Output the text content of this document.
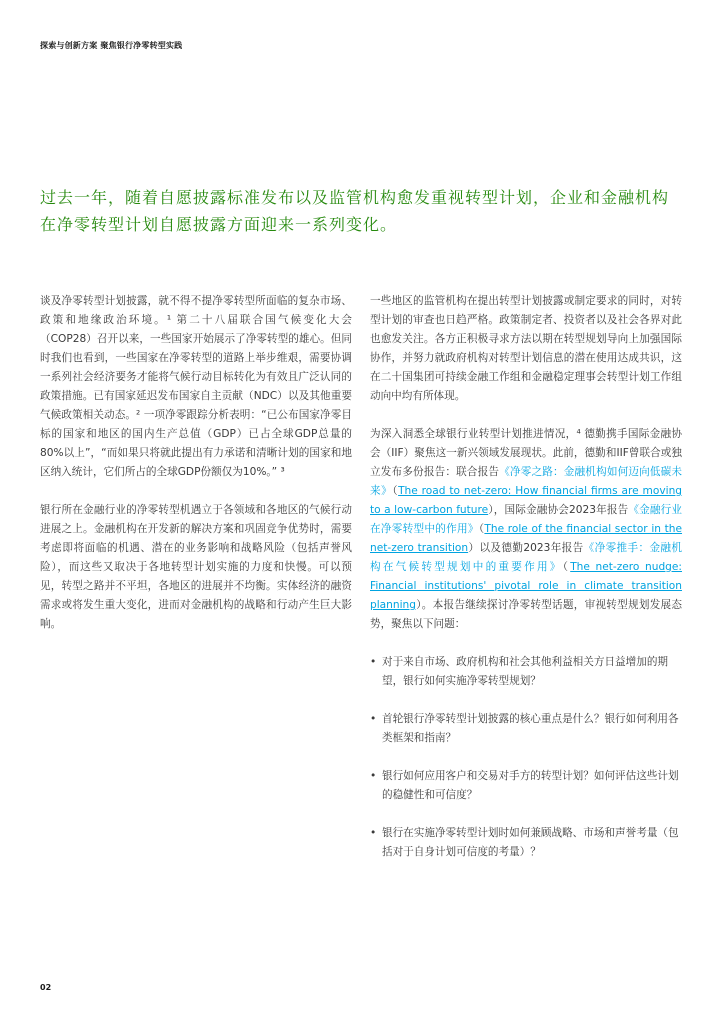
探索与创新方案 聚焦银行净零转型实践
过去一年，随着自愿披露标准发布以及监管机构愈发重视转型计划，企业和金融机构在净零转型计划自愿披露方面迎来一系列变化。

谈及净零转型计划披露，就不得不提净零转型所面临的复杂市场、政策和地缘政治环境。¹ 第二十八届联合国气候变化大会（COP28）召开以来，一些国家开始展示了净零转型的雄心。但同时我们也看到，一些国家在净零转型的道路上举步维艰，需要协调一系列社会经济要务才能将气候行动目标转化为有效且广泛认同的政策措施。已有国家延迟发布国家自主贡献（NDC）以及其他重要气候政策相关动态。² 一项净零跟踪分析表明：“已公布国家净零目标的国家和地区的国内生产总值（GDP）已占全球GDP总量的80%以上”，“而如果只将就此提出有力承诺和清晰计划的国家和地区纳入统计，它们所占的全球GDP份额仅为10%。” ³

银行所在金融行业的净零转型机遇立于各领域和各地区的气候行动进展之上。金融机构在开发新的解决方案和巩固竞争优势时，需要考虑即将面临的机遇、潜在的业务影响和战略风险（包括声誉风险），而这些又取决于各地转型计划实施的力度和快慢。可以预见，转型之路并不平坦，各地区的进展并不均衡。实体经济的融资需求或将发生重大变化，进而对金融机构的战略和行动产生巨大影响。

一些地区的监管机构在提出转型计划披露或制定要求的同时，对转型计划的审查也日趋严格。政策制定者、投资者以及社会各界对此也愈发关注。各方正积极寻求方法以期在转型规划导向上加强国际协作，并努力就政府机构对转型计划信息的潜在使用达成共识，这在二十国集团可持续金融工作组和金融稳定理事会转型计划工作组动向中均有所体现。

为深入洞悉全球银行业转型计划推进情况，⁴ 德勤携手国际金融协会（IIF）聚焦这一新兴领域发展现状。此前，德勤和IIF曾联合或独立发布多份报告：联合报告《净零之路：金融机构如何迈向低碳未来》（The road to net-zero: How financial firms are moving to a low-carbon future），国际金融协会2023年报告《金融行业在净零转型中的作用》（The role of the financial sector in the net-zero transition）以及德勤2023年报告《净零推手：金融机构在气候转型规划中的重要作用》（The net-zero nudge: Financial institutions' pivotal role in climate transition planning）。本报告继续探讨净零转型话题，审视转型规划发展态势，聚焦以下问题：

• 对于来自市场、政府机构和社会其他利益相关方日益增加的期望，银行如何实施净零转型规划？
• 首轮银行净零转型计划披露的核心重点是什么？银行如何利用各类框架和指南？
• 银行如何应用客户和交易对手方的转型计划？如何评估这些计划的稳健性和可信度？
• 银行在实施净零转型计划时如何兼顾战略、市场和声誉考量（包括对于自身计划可信度的考量）？
02
